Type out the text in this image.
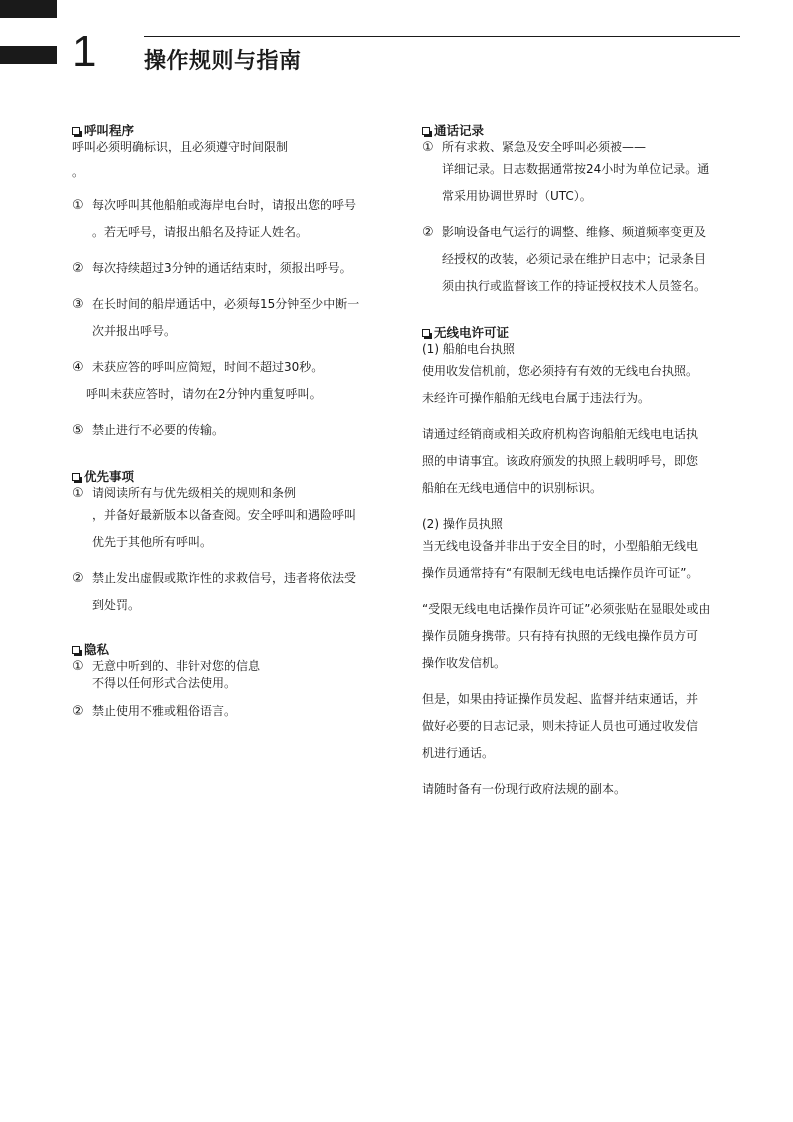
1 操作规则与指南
呼叫程序
呼叫必须明确标识，且必须遵守时间限制
。
① 每次呼叫其他船舶或海岸电台时，请报出您的呼号
。若无呼号，请报出船名及持证人姓名。
② 每次持续超过3分钟的通话结束时，须报出呼号。
③ 在长时间的船岸通话中，必须每15分钟至少中断一
次并报出呼号。
④ 未获应答的呼叫应简短，时间不超过30秒。
呼叫未获应答时，请勿在2分钟内重复呼叫。
⑤ 禁止进行不必要的传输。
优先事项
① 请阅读所有与优先级相关的规则和条例
，并备好最新版本以备查阅。安全呼叫和遇险呼叫
优先于其他所有呼叫。
② 禁止发出虚假或欺诈性的求救信号，违者将依法受
到处罚。
隐私
① 无意中听到的、非针对您的信息
不得以任何形式合法使用。
② 禁止使用不雅或粗俗语言。
通话记录
① 所有求救、紧急及安全呼叫必须被——
详细记录。日志数据通常按24小时为单位记录。通
常采用协调世界时（UTC）。
② 影响设备电气运行的调整、维修、频道频率变更及
经授权的改装，必须记录在维护日志中；记录条目
须由执行或监督该工作的持证授权技术人员签名。
无线电许可证
(1) 船舶电台执照
使用收发信机前，您必须持有有效的无线电台执照。
未经许可操作船舶无线电台属于违法行为。
请通过经销商或相关政府机构咨询船舶无线电电话执
照的申请事宜。该政府颁发的执照上载明呼号，即您
船舶在无线电通信中的识别标识。
(2) 操作员执照
当无线电设备并非出于安全目的时，小型船舶无线电
操作员通常持有“有限制无线电电话操作员许可证”。
“受限无线电电话操作员许可证”必须张贴在显眼处或由
操作员随身携带。只有持有执照的无线电操作员方可
操作收发信机。
但是，如果由持证操作员发起、监督并结束通话，并
做好必要的日志记录，则未持证人员也可通过收发信
机进行通话。
请随时备有一份现行政府法规的副本。
